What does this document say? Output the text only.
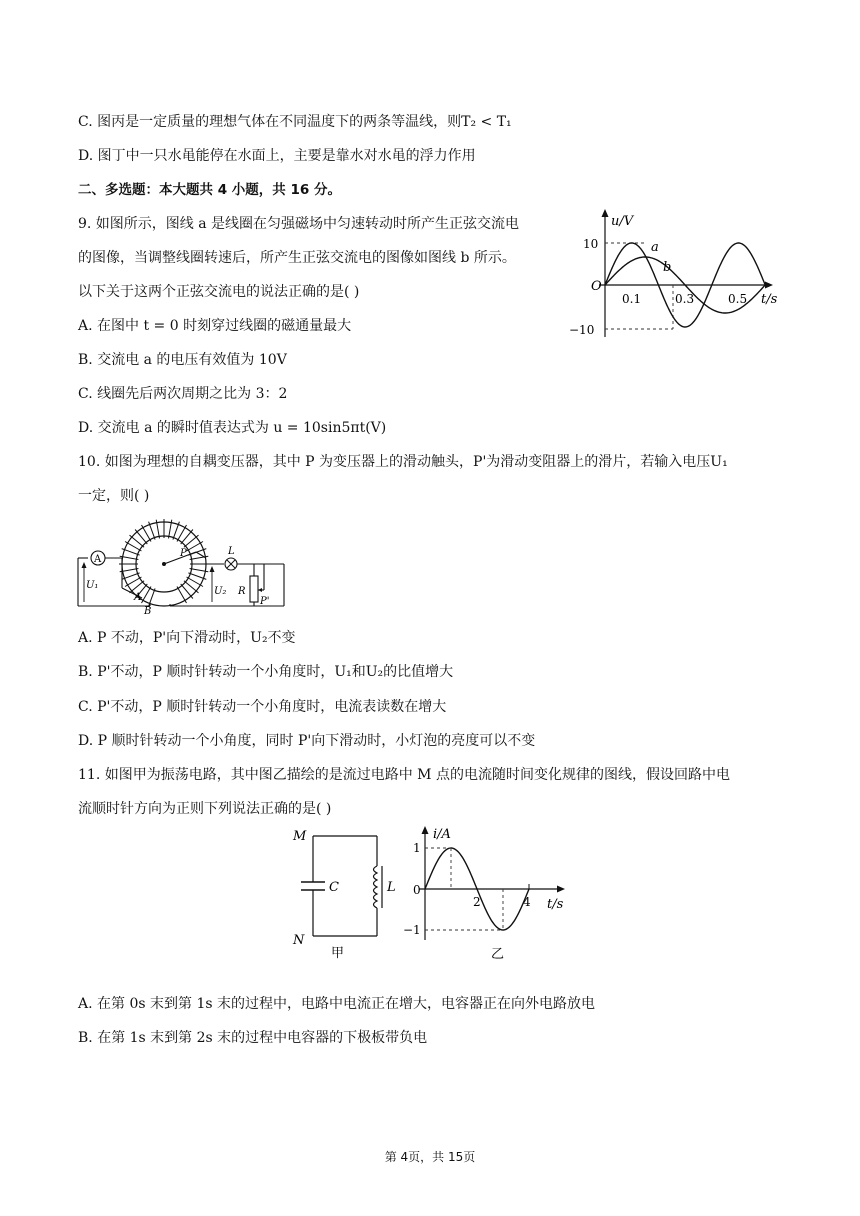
C. 图丙是一定质量的理想气体在不同温度下的两条等温线，则T₂ < T₁
D. 图丁中一只水黾能停在水面上，主要是靠水对水黾的浮力作用
二、多选题：本大题共 4 小题，共 16 分。
9. 如图所示，图线 a 是线圈在匀强磁场中匀速转动时所产生正弦交流电
的图像，当调整线圈转速后，所产生正弦交流电的图像如图线 b 所示。
以下关于这两个正弦交流电的说法正确的是( )
A. 在图中 t = 0 时刻穿过线圈的磁通量最大
B. 交流电 a 的电压有效值为 10V
C. 线圈先后两次周期之比为 3：2
D. 交流电 a 的瞬时值表达式为 u = 10sin5πt(V)
u/V
t/s
O
10
−10
0.1	0.3	0.5
a
b
10. 如图为理想的自耦变压器，其中 P 为变压器上的滑动触头，P'为滑动变阻器上的滑片，若输入电压U₁
一定，则( )
A
U₁
L
R
P'
U₂
P
A
B
A. P 不动，P'向下滑动时，U₂不变
B. P'不动，P 顺时针转动一个小角度时，U₁和U₂的比值增大
C. P'不动，P 顺时针转动一个小角度时，电流表读数在增大
D. P 顺时针转动一个小角度，同时 P'向下滑动时，小灯泡的亮度可以不变
11. 如图甲为振荡电路，其中图乙描绘的是流过电路中 M 点的电流随时间变化规律的图线，假设回路中电
流顺时针方向为正则下列说法正确的是( )
M
N
C	L
甲
i/A
t/s
1
−1
0
2	4
乙
A. 在第 0s 末到第 1s 末的过程中，电路中电流正在增大，电容器正在向外电路放电
B. 在第 1s 末到第 2s 末的过程中电容器的下极板带负电
第 4页，共 15页
